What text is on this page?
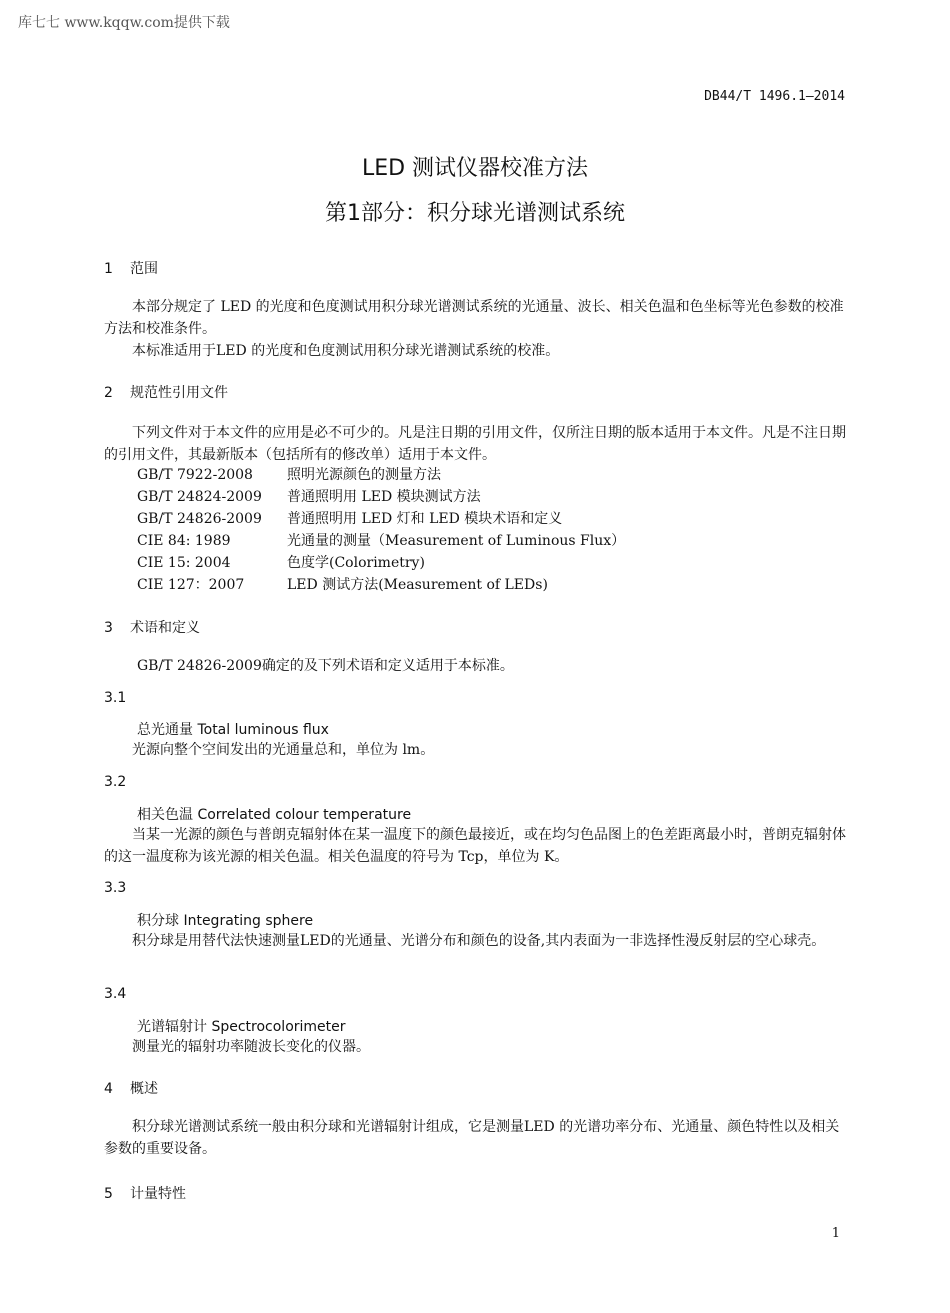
库七七 www.kqqw.com提供下载
DB44/T 1496.1—2014
LED 测试仪器校准方法
第1部分：积分球光谱测试系统
1 范围
本部分规定了 LED 的光度和色度测试用积分球光谱测试系统的光通量、波长、相关色温和色坐标等光色参数的校准方法和校准条件。
本标准适用于LED 的光度和色度测试用积分球光谱测试系统的校准。
2 规范性引用文件
下列文件对于本文件的应用是必不可少的。凡是注日期的引用文件，仅所注日期的版本适用于本文件。凡是不注日期的引用文件，其最新版本（包括所有的修改单）适用于本文件。
GB/T 7922-2008 照明光源颜色的测量方法
GB/T 24824-2009 普通照明用 LED 模块测试方法
GB/T 24826-2009 普通照明用 LED 灯和 LED 模块术语和定义
CIE 84: 1989	光通量的测量（Measurement of Luminous Flux）
CIE 15: 2004	色度学(Colorimetry)
CIE 127：2007	LED 测试方法(Measurement of LEDs)
3 术语和定义
GB/T 24826-2009确定的及下列术语和定义适用于本标准。
3.1
总光通量 Total luminous flux
光源向整个空间发出的光通量总和，单位为 lm。
3.2
相关色温 Correlated colour temperature
当某一光源的颜色与普朗克辐射体在某一温度下的颜色最接近，或在均匀色品图上的色差距离最小时，普朗克辐射体的这一温度称为该光源的相关色温。相关色温度的符号为 Tcp，单位为 K。
3.3
积分球 Integrating sphere
积分球是用替代法快速测量LED的光通量、光谱分布和颜色的设备,其内表面为一非选择性漫反射层的空心球壳。
3.4
光谱辐射计 Spectrocolorimeter
测量光的辐射功率随波长变化的仪器。
4 概述
积分球光谱测试系统一般由积分球和光谱辐射计组成，它是测量LED 的光谱功率分布、光通量、颜色特性以及相关参数的重要设备。
5 计量特性
1
